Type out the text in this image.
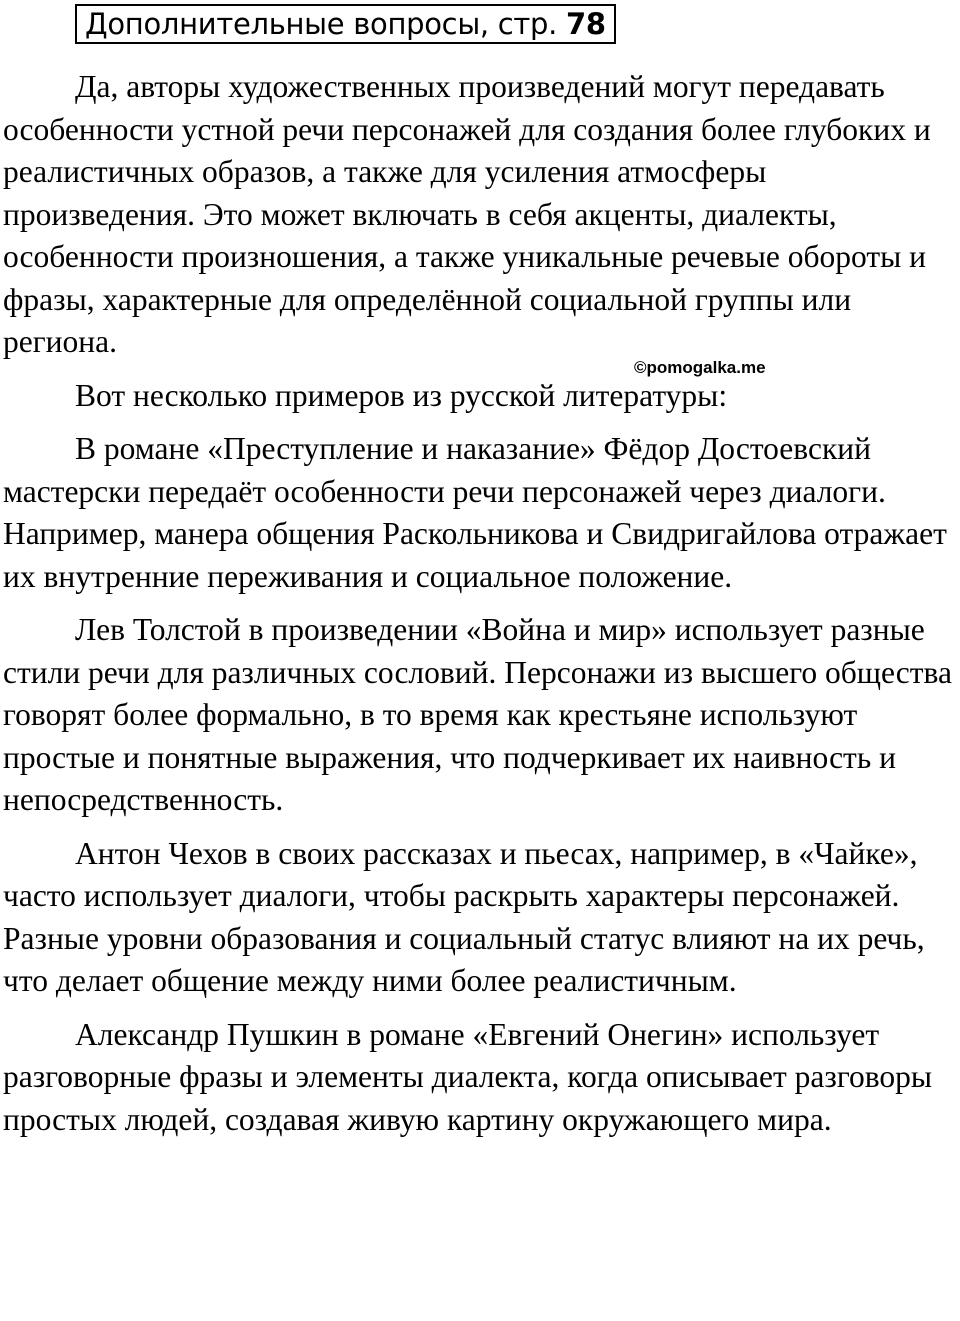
Дополнительные вопросы, стр. 78

Да, авторы художественных произведений могут передавать особенности устной речи персонажей для создания более глубоких и реалистичных образов, а также для усиления атмосферы произведения. Это может включать в себя акценты, диалекты, особенности произношения, а также уникальные речевые обороты и фразы, характерные для определённой социальной группы или региона.

Вот несколько примеров из русской литературы:

В романе «Преступление и наказание» Фёдор Достоевский мастерски передаёт особенности речи персонажей через диалоги. Например, манера общения Раскольникова и Свидригайлова отражает их внутренние переживания и социальное положение.

Лев Толстой в произведении «Война и мир» использует разные стили речи для различных сословий. Персонажи из высшего общества говорят более формально, в то время как крестьяне используют простые и понятные выражения, что подчеркивает их наивность и непосредственность.

Антон Чехов в своих рассказах и пьесах, например, в «Чайке», часто использует диалоги, чтобы раскрыть характеры персонажей. Разные уровни образования и социальный статус влияют на их речь, что делает общение между ними более реалистичным.

Александр Пушкин в романе «Евгений Онегин» использует разговорные фразы и элементы диалекта, когда описывает разговоры простых людей, создавая живую картину окружающего мира.

©pomogalka.me
